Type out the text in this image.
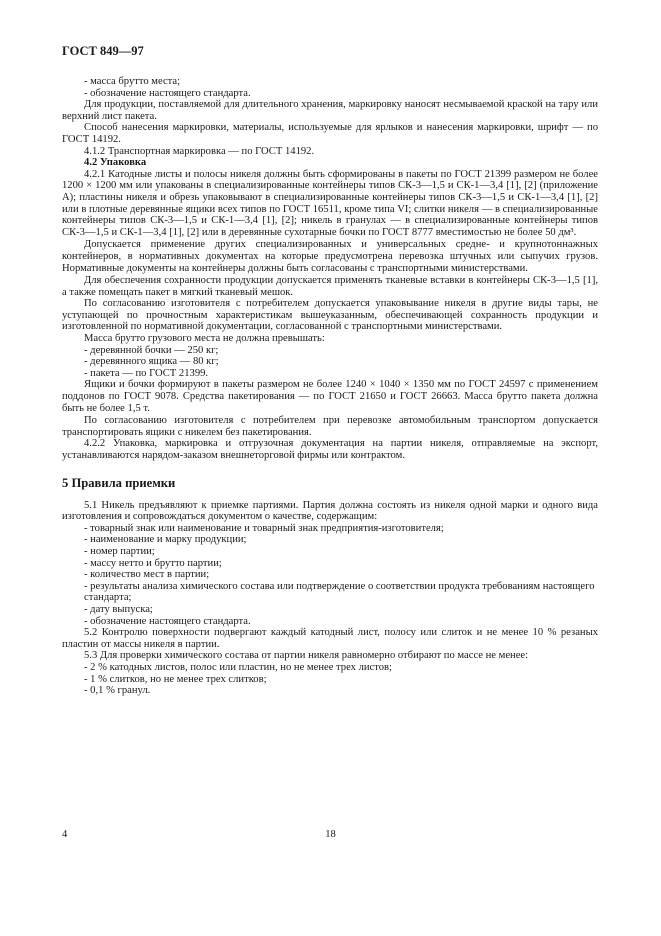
ГОСТ 849—97

- масса брутто места;

- обозначение настоящего стандарта.

Для продукции, поставляемой для длительного хранения, маркировку наносят несмываемой краской на тару или верхний лист пакета.

Способ нанесения маркировки, материалы, используемые для ярлыков и нанесения маркировки, шрифт — по ГОСТ 14192.

4.1.2 Транспортная маркировка — по ГОСТ 14192.

4.2 Упаковка

4.2.1 Катодные листы и полосы никеля должны быть сформированы в пакеты по ГОСТ 21399 размером не более 1200 × 1200 мм или упакованы в специализированные контейнеры типов СК-3—1,5 и СК-1—3,4 [1], [2] (приложение А); пластины никеля и обрезь упаковывают в специализированные контейнеры типов СК-3—1,5 и СК-1—3,4 [1], [2] или в плотные деревянные ящики всех типов по ГОСТ 16511, кроме типа VI; слитки никеля — в специализированные контейнеры типов СК-3—1,5 и СК-1—3,4 [1], [2]; никель в гранулах — в специализированные контейнеры типов СК-3—1,5 и СК-1—3,4 [1], [2] или в деревянные сухотарные бочки по ГОСТ 8777 вместимостью не более 50 дм³.

Допускается применение других специализированных и универсальных средне- и крупнотоннажных контейнеров, в нормативных документах на которые предусмотрена перевозка штучных или сыпучих грузов. Нормативные документы на контейнеры должны быть согласованы с транспортными министерствами.

Для обеспечения сохранности продукции допускается применять тканевые вставки в контейнеры СК-3—1,5 [1], а также помещать пакет в мягкий тканевый мешок.

По согласованию изготовителя с потребителем допускается упаковывание никеля в другие виды тары, не уступающей по прочностным характеристикам вышеуказанным, обеспечивающей сохранность продукции и изготовленной по нормативной документации, согласованной с транспортными министерствами.

Масса брутто грузового места не должна превышать:

- деревянной бочки — 250 кг;

- деревянного ящика — 80 кг;

- пакета — по ГОСТ 21399.

Ящики и бочки формируют в пакеты размером не более 1240 × 1040 × 1350 мм по ГОСТ 24597 с применением поддонов по ГОСТ 9078. Средства пакетирования — по ГОСТ 21650 и ГОСТ 26663. Масса брутто пакета должна быть не более 1,5 т.

По согласованию изготовителя с потребителем при перевозке автомобильным транспортом допускается транспортировать ящики с никелем без пакетирования.

4.2.2 Упаковка, маркировка и отгрузочная документация на партии никеля, отправляемые на экспорт, устанавливаются нарядом-заказом внешнеторговой фирмы или контрактом.

5 Правила приемки

5.1 Никель предъявляют к приемке партиями. Партия должна состоять из никеля одной марки и одного вида изготовления и сопровождаться документом о качестве, содержащим:

- товарный знак или наименование и товарный знак предприятия-изготовителя;

- наименование и марку продукции;

- номер партии;

- массу нетто и брутто партии;

- количество мест в партии;

- результаты анализа химического состава или подтверждение о соответствии продукта требованиям настоящего стандарта;

- дату выпуска;

- обозначение настоящего стандарта.

5.2 Контролю поверхности подвергают каждый катодный лист, полосу или слиток и не менее 10 % резаных пластин от массы никеля в партии.

5.3 Для проверки химического состава от партии никеля равномерно отбирают по массе не менее:

- 2 % катодных листов, полос или пластин, но не менее трех листов;

- 1 % слитков, но не менее трех слитков;

- 0,1 % гранул.

4	18
